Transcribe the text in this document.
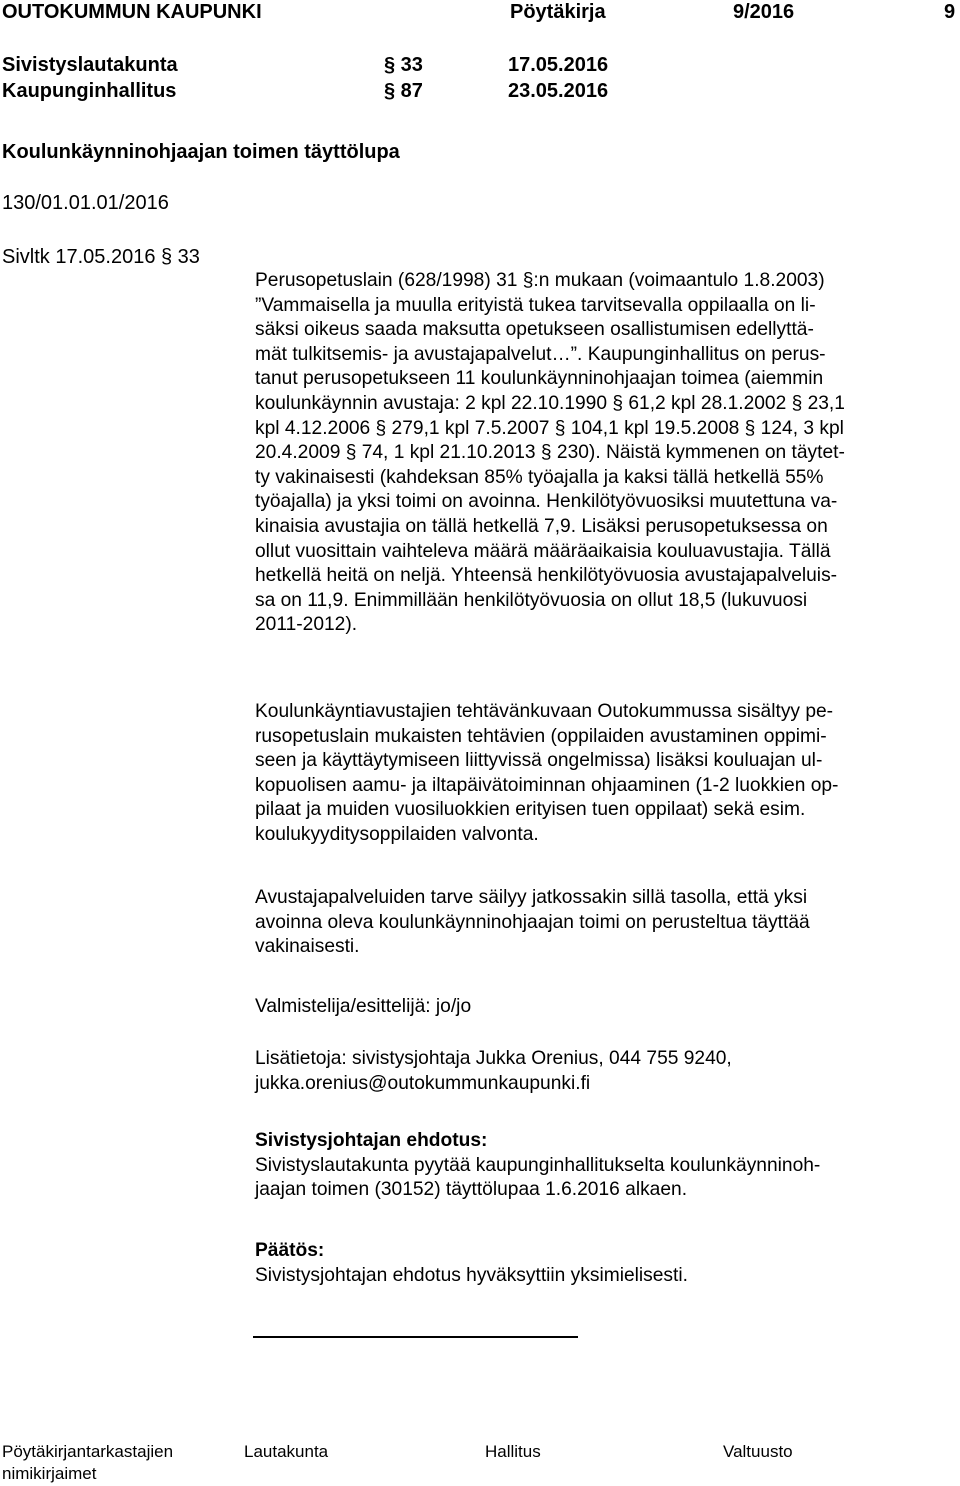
OUTOKUMMUN KAUPUNKI	Pöytäkirja	9/2016	9
Sivistyslautakunta	§ 33	17.05.2016
Kaupunginhallitus	§ 87	23.05.2016
Koulunkäynninohjaajan toimen täyttölupa
130/01.01.01/2016
Sivltk 17.05.2016 § 33

Perusopetuslain (628/1998) 31 §:n mukaan (voimaantulo 1.8.2003)
”Vammaisella ja muulla erityistä tukea tarvitsevalla oppilaalla on li-
säksi oikeus saada maksutta opetukseen osallistumisen edellyttä-
mät tulkitsemis- ja avustajapalvelut…”. Kaupunginhallitus on perus-
tanut perusopetukseen 11 koulunkäynninohjaajan toimea (aiemmin
koulunkäynnin avustaja: 2 kpl 22.10.1990 § 61,2 kpl 28.1.2002 § 23,1
kpl 4.12.2006 § 279,1 kpl 7.5.2007 § 104,1 kpl 19.5.2008 § 124, 3 kpl
20.4.2009 § 74, 1 kpl 21.10.2013 § 230). Näistä kymmenen on täytet-
ty vakinaisesti (kahdeksan 85% työajalla ja kaksi tällä hetkellä 55%
työajalla) ja yksi toimi on avoinna. Henkilötyövuosiksi muutettuna va-
kinaisia avustajia on tällä hetkellä 7,9. Lisäksi perusopetuksessa on
ollut vuosittain vaihteleva määrä määräaikaisia kouluavustajia. Tällä
hetkellä heitä on neljä. Yhteensä henkilötyövuosia avustajapalveluis-
sa on 11,9. Enimmillään henkilötyövuosia on ollut 18,5 (lukuvuosi
2011-2012).

Koulunkäyntiavustajien tehtävänkuvaan Outokummussa sisältyy pe-
rusopetuslain mukaisten tehtävien (oppilaiden avustaminen oppimi-
seen ja käyttäytymiseen liittyvissä ongelmissa) lisäksi kouluajan ul-
kopuolisen aamu- ja iltapäivätoiminnan ohjaaminen (1-2 luokkien op-
pilaat ja muiden vuosiluokkien erityisen tuen oppilaat) sekä esim.
koulukyyditysoppilaiden valvonta.

Avustajapalveluiden tarve säilyy jatkossakin sillä tasolla, että yksi
avoinna oleva koulunkäynninohjaajan toimi on perusteltua täyttää
vakinaisesti.

Valmistelija/esittelijä: jo/jo

Lisätietoja: sivistysjohtaja Jukka Orenius, 044 755 9240,
jukka.orenius@outokummunkaupunki.fi

Sivistysjohtajan ehdotus:

Sivistyslautakunta pyytää kaupunginhallitukselta koulunkäynninoh-
jaajan toimen (30152) täyttölupaa 1.6.2016 alkaen.

Päätös:

Sivistysjohtajan ehdotus hyväksyttiin yksimielisesti.

Pöytäkirjantarkastajien
nimikirjaimet
Lautakunta	Hallitus	Valtuusto
